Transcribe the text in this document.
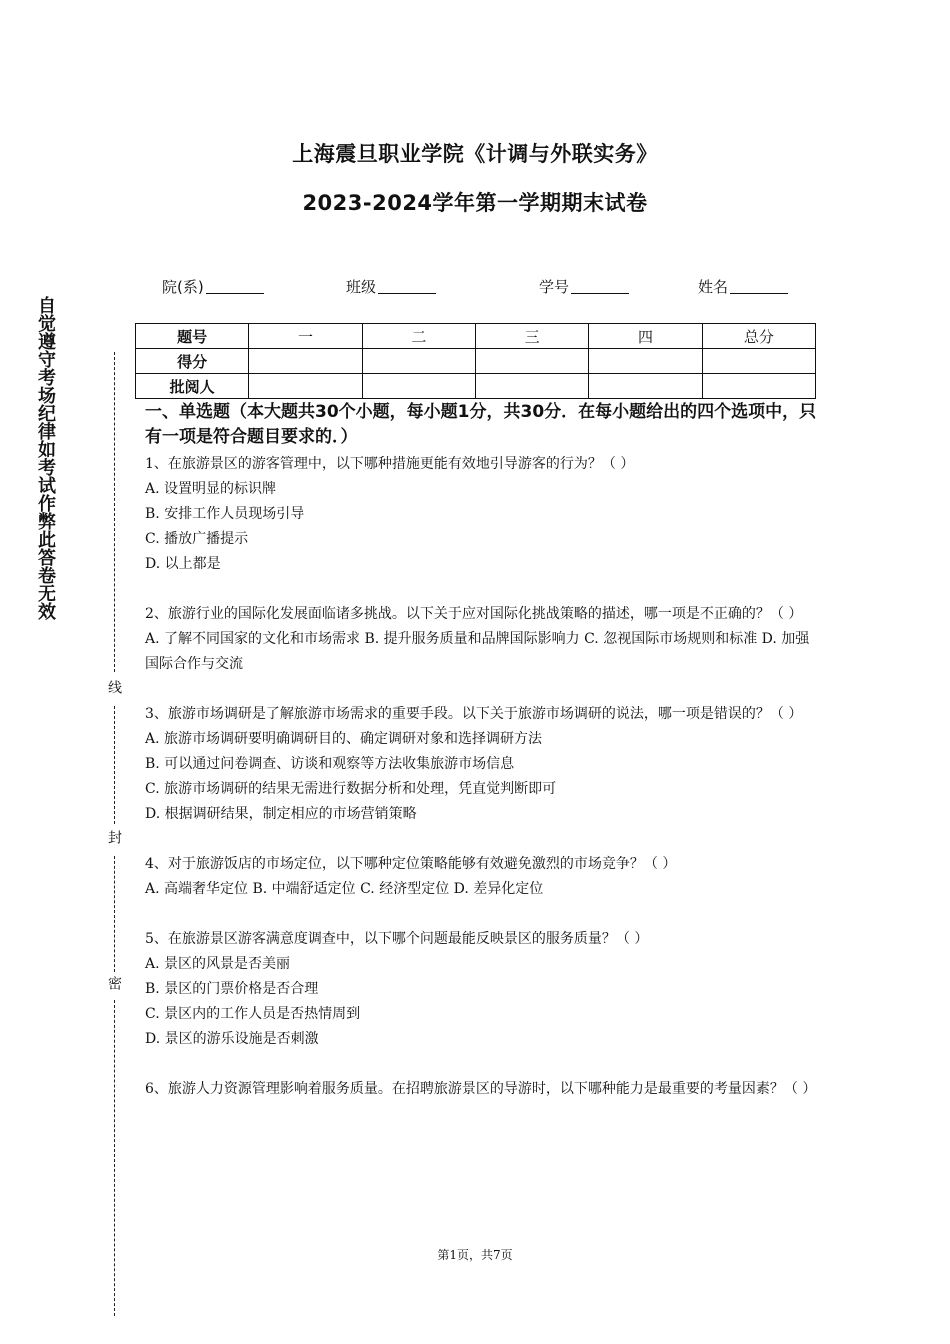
上海震旦职业学院《计调与外联实务》
2023-2024学年第一学期期末试卷
院(系)	班级	学号	姓名
题号	一	二	三	四	总分
得分					
批阅人					
自觉遵守考场纪律如考试作弊此答卷无效
线
封
密
一、单选题（本大题共30个小题，每小题1分，共30分．在每小题给出的四个选项中，只有一项是符合题目要求的．）

1、在旅游景区的游客管理中，以下哪种措施更能有效地引导游客的行为？（ ）

A. 设置明显的标识牌

B. 安排工作人员现场引导

C. 播放广播提示

D. 以上都是

2、旅游行业的国际化发展面临诸多挑战。以下关于应对国际化挑战策略的描述，哪一项是不正确的？（ ）

A. 了解不同国家的文化和市场需求 B. 提升服务质量和品牌国际影响力 C. 忽视国际市场规则和标准 D. 加强国际合作与交流

3、旅游市场调研是了解旅游市场需求的重要手段。以下关于旅游市场调研的说法，哪一项是错误的？（ ）

A. 旅游市场调研要明确调研目的、确定调研对象和选择调研方法

B. 可以通过问卷调查、访谈和观察等方法收集旅游市场信息

C. 旅游市场调研的结果无需进行数据分析和处理，凭直觉判断即可

D. 根据调研结果，制定相应的市场营销策略

4、对于旅游饭店的市场定位，以下哪种定位策略能够有效避免激烈的市场竞争？（ ）

A. 高端奢华定位 B. 中端舒适定位 C. 经济型定位 D. 差异化定位

5、在旅游景区游客满意度调查中，以下哪个问题最能反映景区的服务质量？（ ）

A. 景区的风景是否美丽

B. 景区的门票价格是否合理

C. 景区内的工作人员是否热情周到

D. 景区的游乐设施是否刺激

6、旅游人力资源管理影响着服务质量。在招聘旅游景区的导游时，以下哪种能力是最重要的考量因素？（ ）

第1页，共7页
